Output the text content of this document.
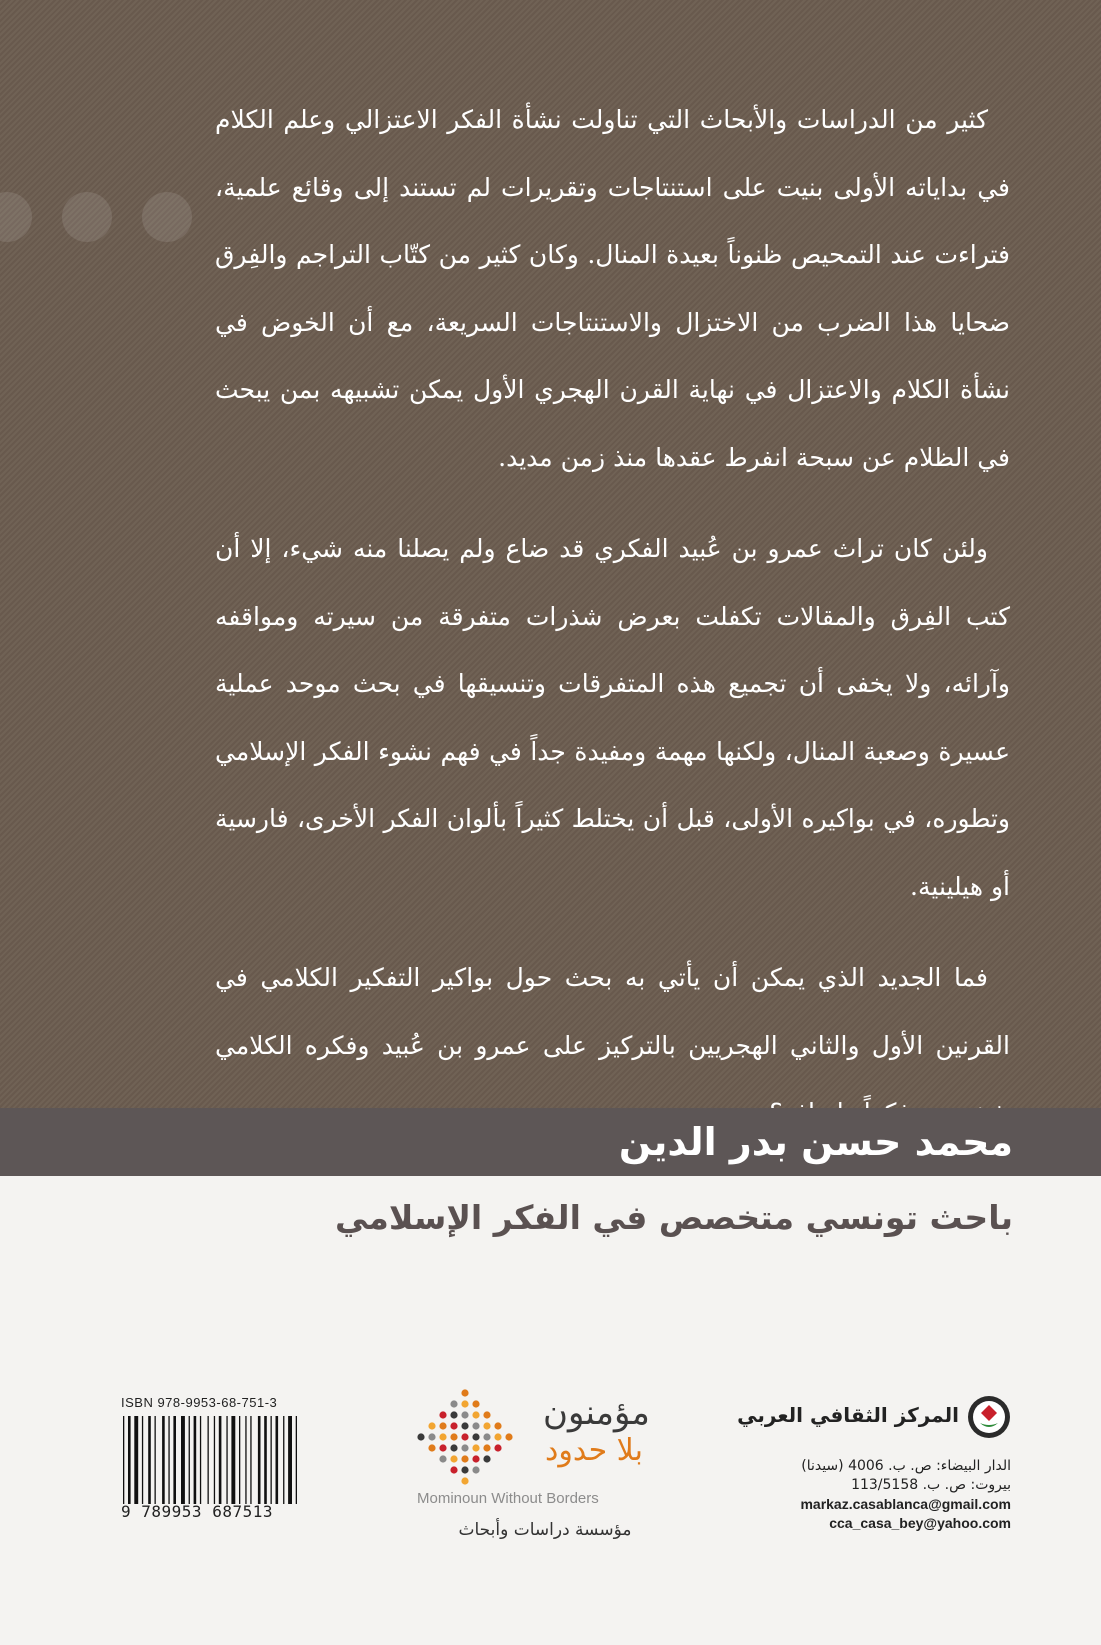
كثير من الدراسات والأبحاث التي تناولت نشأة الفكر الاعتزالي وعلم الكلام في بداياته الأولى بنيت على استنتاجات وتقريرات لم تستند إلى وقائع علمية، فتراءت عند التمحيص ظنوناً بعيدة المنال. وكان كثير من كتّاب التراجم والفِرق ضحايا هذا الضرب من الاختزال والاستنتاجات السريعة، مع أن الخوض في نشأة الكلام والاعتزال في نهاية القرن الهجري الأول يمكن تشبيهه بمن يبحث في الظلام عن سبحة انفرط عقدها منذ زمن مديد.

ولئن كان تراث عمرو بن عُبيد الفكري قد ضاع ولم يصلنا منه شيء، إلا أن كتب الفِرق والمقالات تكفلت بعرض شذرات متفرقة من سيرته ومواقفه وآرائه، ولا يخفى أن تجميع هذه المتفرقات وتنسيقها في بحث موحد عملية عسيرة وصعبة المنال، ولكنها مهمة ومفيدة جداً في فهم نشوء الفكر الإسلامي وتطوره، في بواكيره الأولى، قبل أن يختلط كثيراً بألوان الفكر الأخرى، فارسية أو هيلينية.

فما الجديد الذي يمكن أن يأتي به بحث حول بواكير التفكير الكلامي في القرنين الأول والثاني الهجريين بالتركيز على عمرو بن عُبيد وفكره الكلامي

محمد حسن بدر الدين
باحث تونسي متخصص في الفكر الإسلامي
ISBN 978-9953-68-751-3
9 789953 687513
مؤمنون
بلا حدود
Mominoun Without Borders
مؤسسة دراسات وأبحاث
المركز الثقافي العربي
الدار البيضاء: ص. ب. 4006 (سيدنا)
بيروت: ص. ب. 113/5158
markaz.casablanca@gmail.com
cca_casa_bey@yahoo.com
